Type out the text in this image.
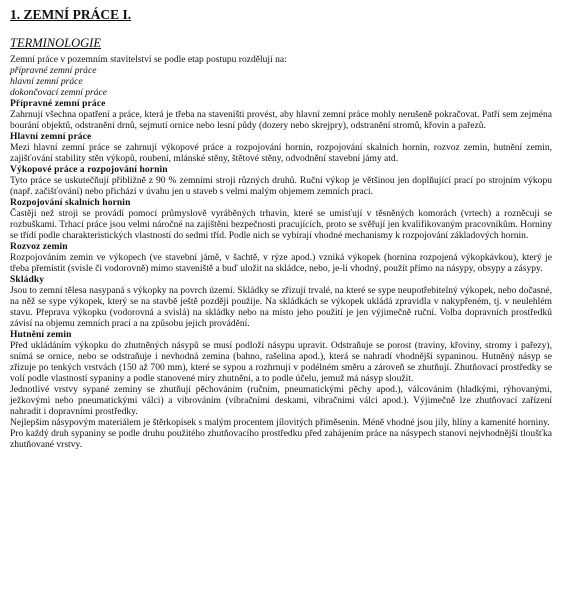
1. ZEMNÍ PRÁCE I.
TERMINOLOGIE
Zemní práce v pozemním stavitelství se podle etap postupu rozdělují na:
přípravné zemní práce
hlavní zemní práce
dokončovací zemní práce
Přípravné zemní práce

Zahrnují všechna opatření a práce, která je třeba na staveništi provést, aby hlavní zemní práce mohly nerušeně pokračovat. Patří sem zejména bourání objektů, odstranění drnů, sejmutí ornice nebo lesní půdy (dozery nebo skrejpry), odstranění stromů, křovin a pařezů.

Hlavní zemní práce

Mezi hlavní zemní práce se zahrnují výkopové práce a rozpojování hornin, rozpojování skalních hornin, rozvoz zemin, hutnění zemin, zajišťování stability stěn výkopů, roubení, mlánské stěny, štětové stěny, odvodnění stavební jámy atd.

Výkopové práce a rozpojování hornin

Tyto práce se uskutečňují přibližně z 90 % zemními stroji různých druhů. Ruční výkop je většinou jen doplňující prací po strojním výkopu (např. začišťování) nebo přichází v úvahu jen u staveb s velmi malým objemem zemních prací.

Rozpojování skalních hornin

Častěji než stroji se provádí pomocí průmyslově vyráběných trhavin, které se umisťují v těsněných komorách (vrtech) a rozněcují se rozbuškami. Trhací práce jsou velmi náročné na zajištění bezpečnosti pracujících, proto se svěřují jen kvalifikovaným pracovníkům. Horniny se třídí podle charakteristických vlastností do sedmi tříd. Podle nich se vybírají vhodné mechanismy k rozpojování základových hornin.

Rozvoz zemin

Rozpojováním zemin ve výkopech (ve stavební jámě, v šachtě, v rýze apod.) vzniká výkopek (hornina rozpojená výkopkávkou), který je třeba přemístit (svisle či vodorovně) mimo staveniště a buď uložit na skládce, nebo, je-li vhodný, použít přímo na násypy, obsypy a zásypy.

Skládky

Jsou to zemní tělesa nasypaná s výkopky na povrch území. Skládky se zřizují trvalé, na které se sype neupotřebitelný výkopek, nebo dočasné, na něž se sype výkopek, který se na stavbě ještě později použije. Na skládkách se výkopek ukládá zpravidla v nakypřeném, tj. v neulehlém stavu. Přeprava výkopku (vodorovná a svislá) na skládky nebo na místo jeho použití je jen výjimečně ruční. Volba dopravních prostředků závisí na objemu zemních prací a na způsobu jejich provádění.

Hutnění zemin

Před ukládáním výkopku do zhutněných násypů se musí podloží násypu upravit. Odstraňuje se porost (traviny, křoviny, stromy i pařezy), snímá se ornice, nebo se odstraňuje i nevhodná zemina (bahno, rašelina apod.), která se nahradí vhodnější sypaninou. Hutněný násyp se zřizuje po tenkých vrstvách (150 až 700 mm), které se sypou a rozhrnují v podélném směru a zároveň se zhutňují. Zhutňovací prostředky se volí podle vlastností sypaniny a podle stanovené míry zhutnění, a to podle účelu, jemuž má násyp sloužit.

Jednotlivé vrstvy sypané zeminy se zhutňují pěchováním (ručním, pneumatickými pěchy apod.), válcováním (hladkými, rýhovanými, ježkovými nebo pneumatickými válci) a vibrováním (vibračními deskami, vibračními válci apod.). Výjimečně lze zhutňovací zařízení nahradit i dopravními prostředky.

Nejlepším násypovým materiálem je štěrkopísek s malým procentem jílovitých příměsenin. Méně vhodné jsou jíly, hlíny a kamenité horniny.

Pro každý druh sypaniny se podle druhu použitého zhutňovacího prostředku před zahájením práce na násypech stanoví nejvhodnější tloušťka zhutňované vrstvy.
